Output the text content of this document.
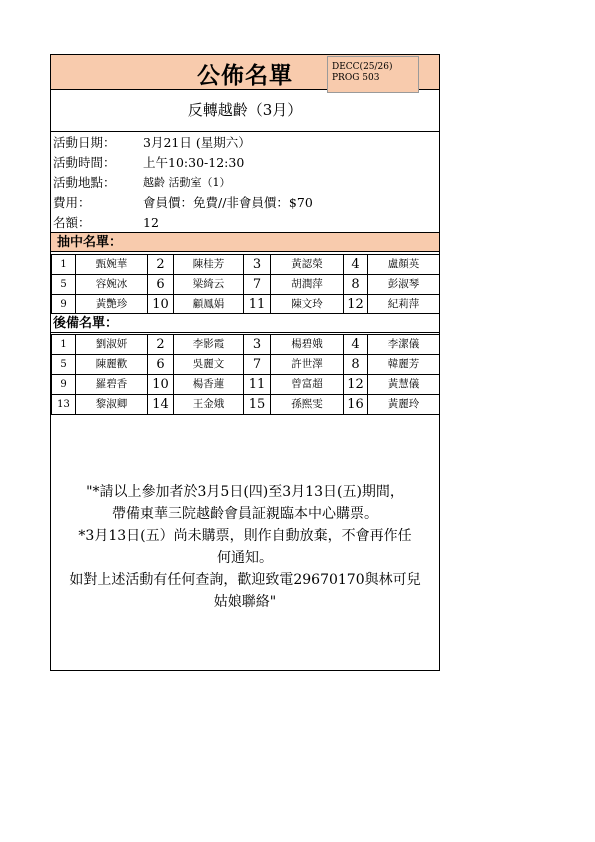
公佈名單	DECC(25/26)
PROG 503
反轉越齡（3月）
活動日期： 3月21日 (星期六）
活動時間： 上午10:30-12:30
活動地點： 越齡 活動室（1）
費用：	會員價：免費//非會員價：$70
名額：	12
抽中名單：
1	甄婉華	2	陳桂芳	3	黃認榮	4	盧顏英
5	容婉冰	6	梁綺云	7	胡潤萍	8	彭淑琴
9	黃艷珍	10	顧鳳娟	11	陳文玲	12	紀莉萍
後備名單：
1	劉淑妍	2	李影霞	3	楊碧娥	4	李潔儀
5	陳麗歡	6	吳麗文	7	許世澤	8	韓麗芳
9	羅碧香	10	楊香蓮	11	曾富超	12	黃慧儀
13	黎淑卿	14	王金娥	15	孫熙雯	16	黃麗玲
"*請以上參加者於3月5日(四)至3月13日(五)期間，
帶備東華三院越齡會員証親臨本中心購票。
*3月13日(五）尚未購票，則作自動放棄，不會再作任
何通知。
如對上述活動有任何查詢，歡迎致電29670170與林可兒
姑娘聯絡"
